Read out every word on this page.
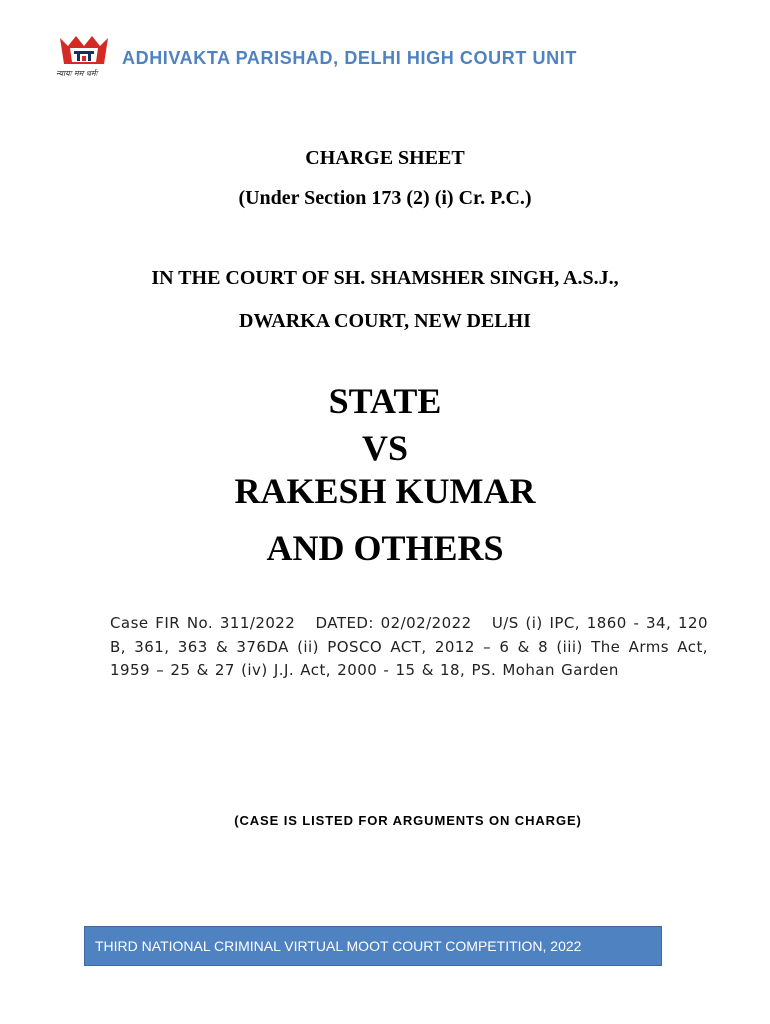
न्यायः मम धर्मः
ADHIVAKTA PARISHAD, DELHI HIGH COURT UNIT
CHARGE SHEET
(Under Section 173 (2) (i) Cr. P.C.)
IN THE COURT OF SH. SHAMSHER SINGH, A.S.J.,
DWARKA COURT, NEW DELHI
STATE
VS
RAKESH KUMAR
AND OTHERS
Case FIR No. 311/2022   DATED: 02/02/2022   U/S (i) IPC, 1860 - 34, 120 B, 361, 363 & 376DA (ii) POSCO ACT, 2012 – 6 & 8 (iii) The Arms Act, 1959 – 25 & 27 (iv) J.J. Act, 2000 - 15 & 18, PS. Mohan Garden
(CASE IS LISTED FOR ARGUMENTS ON CHARGE)
THIRD NATIONAL CRIMINAL VIRTUAL MOOT COURT COMPETITION, 2022
